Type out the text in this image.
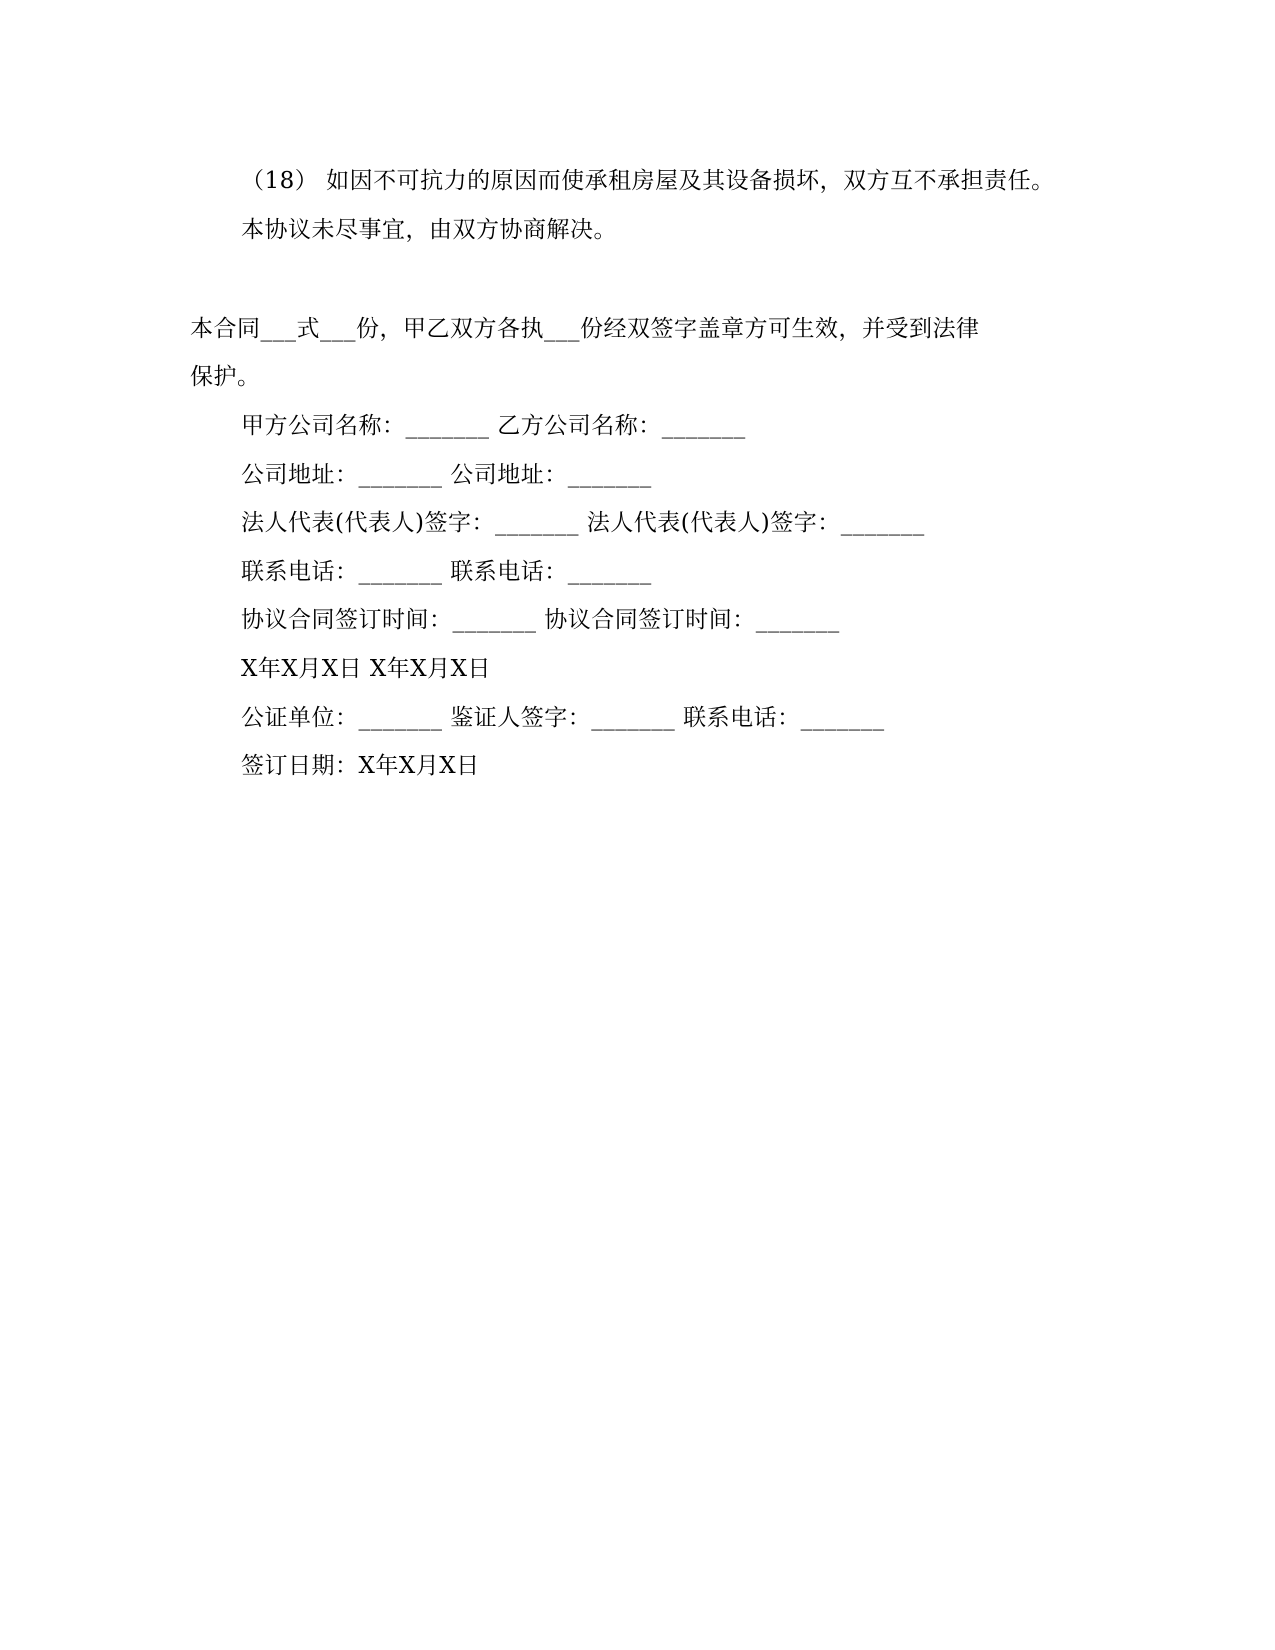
（18） 如因不可抗力的原因而使承租房屋及其设备损坏，双方互不承担责任。
本协议未尽事宜，由双方协商解决。
本合同___式___份，甲乙双方各执___份经双签字盖章方可生效，并受到法律
保护。
甲方公司名称：_______ 乙方公司名称：_______
公司地址：_______ 公司地址：_______
法人代表(代表人)签字：_______ 法人代表(代表人)签字：_______
联系电话：_______ 联系电话：_______
协议合同签订时间：_______ 协议合同签订时间：_______
X年X月X日 X年X月X日
公证单位：_______ 鉴证人签字：_______ 联系电话：_______
签订日期：X年X月X日
